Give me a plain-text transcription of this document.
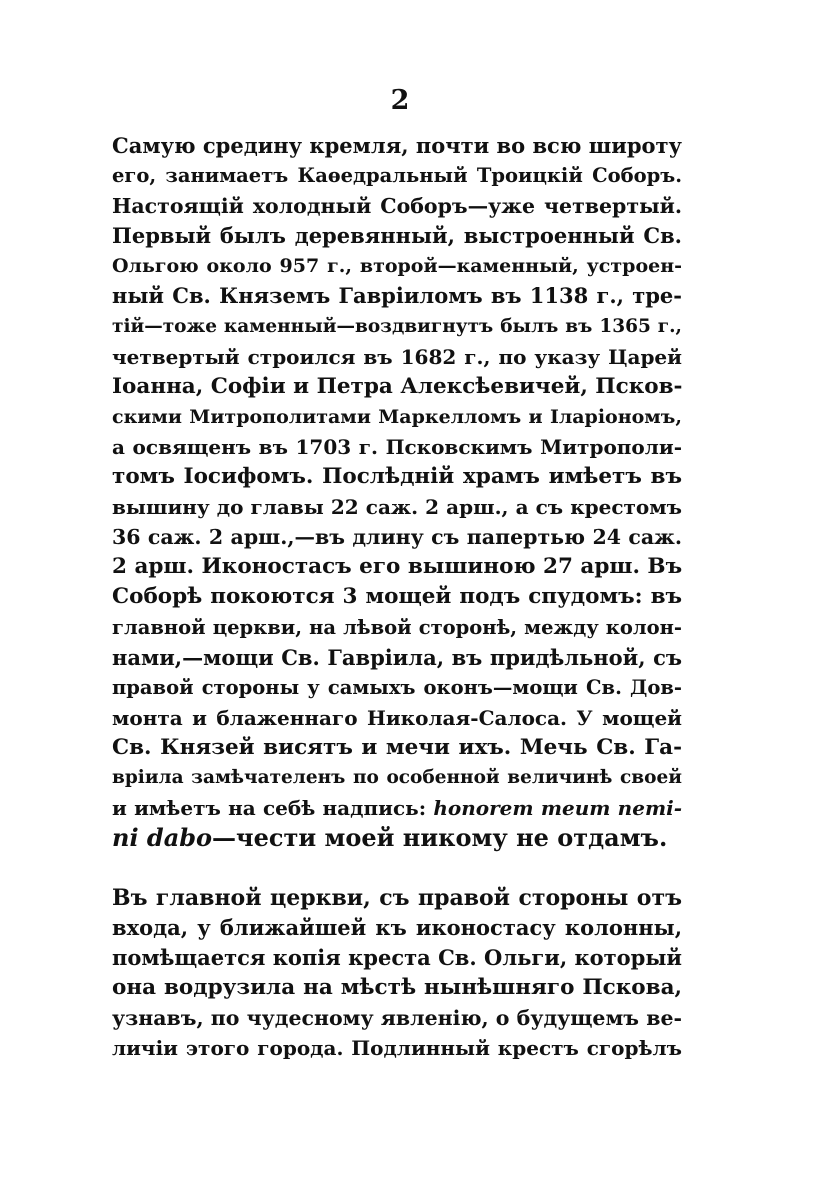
2
Самую средину кремля, почти во всю широту
его, занимаетъ Каѳедральный Троицкій Соборъ.
Настоящій холодный Соборъ—уже четвертый.
Первый былъ деревянный, выстроенный Св.
Ольгою около 957 г., второй—каменный, устроен-
ный Св. Княземъ Гавріиломъ въ 1138 г., тре-
тій—тоже каменный—воздвигнутъ былъ въ 1365 г.,
четвертый строился въ 1682 г., по указу Царей
Іоанна, Софіи и Петра Алексѣевичей, Псков-
скими Митрополитами Маркелломъ и Іларіономъ,
а освященъ въ 1703 г. Псковскимъ Митрополи-
томъ Іосифомъ. Послѣдній храмъ имѣетъ въ
вышину до главы 22 саж. 2 арш., а съ крестомъ
36 саж. 2 арш.,—въ длину съ папертью 24 саж.
2 арш. Иконостасъ его вышиною 27 арш. Въ
Соборѣ покоются 3 мощей подъ спудомъ: въ
главной церкви, на лѣвой сторонѣ, между колон-
нами,—мощи Св. Гавріила, въ придѣльной, съ
правой стороны у самыхъ оконъ—мощи Св. Дов-
монта и блаженнаго Николая-Салоса. У мощей
Св. Князей висятъ и мечи ихъ. Мечь Св. Га-
вріила замѣчателенъ по особенной величинѣ своей
и имѣетъ на себѣ надпись: honorem meum nemi-
ni dabo—чести моей никому не отдамъ.
Въ главной церкви, съ правой стороны отъ
входа, у ближайшей къ иконостасу колонны,
помѣщается копія креста Св. Ольги, который
она водрузила на мѣстѣ нынѣшняго Пскова,
узнавъ, по чудесному явленію, о будущемъ ве-
личіи этого города. Подлинный крестъ сгорѣлъ
